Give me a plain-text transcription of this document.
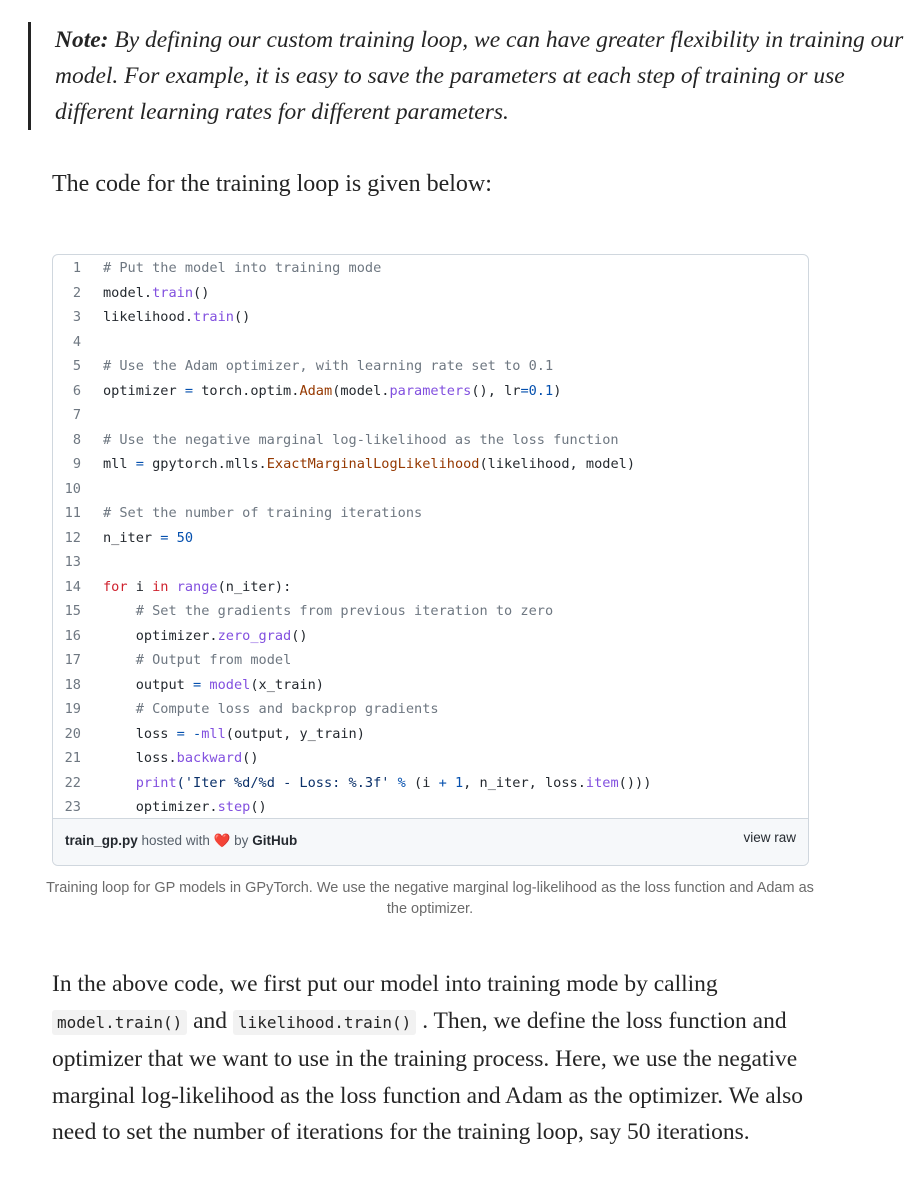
Note: By defining our custom training loop, we can have greater flexibility in training our model. For example, it is easy to save the parameters at each step of training or use different learning rates for different parameters.

The code for the training loop is given below:

1 # Put the model into training mode
2 model.train()
3 likelihood.train()
4
5 # Use the Adam optimizer, with learning rate set to 0.1
6 optimizer = torch.optim.Adam(model.parameters(), lr=0.1)
7
8 # Use the negative marginal log-likelihood as the loss function
9 mll = gpytorch.mlls.ExactMarginalLogLikelihood(likelihood, model)
10
11 # Set the number of training iterations
12 n_iter = 50
13
14 for i in range(n_iter):
15	# Set the gradients from previous iteration to zero
16 optimizer.zero_grad()
17	# Output from model
18 output = model(x_train)
19	# Compute loss and backprop gradients
20 loss = -mll(output, y_train)
21 loss.backward()
22	print('Iter %d/%d - Loss: %.3f' % (i + 1, n_iter, loss.item()))
23 optimizer.step()
train_gp.py hosted with ❤️ by GitHub	view raw
Training loop for GP models in GPyTorch. We use the negative marginal log-likelihood as the loss function and Adam as the optimizer.

In the above code, we first put our model into training mode by calling model.train() and likelihood.train() . Then, we define the loss function and optimizer that we want to use in the training process. Here, we use the negative marginal log-likelihood as the loss function and Adam as the optimizer. We also need to set the number of iterations for the training loop, say 50 iterations.
